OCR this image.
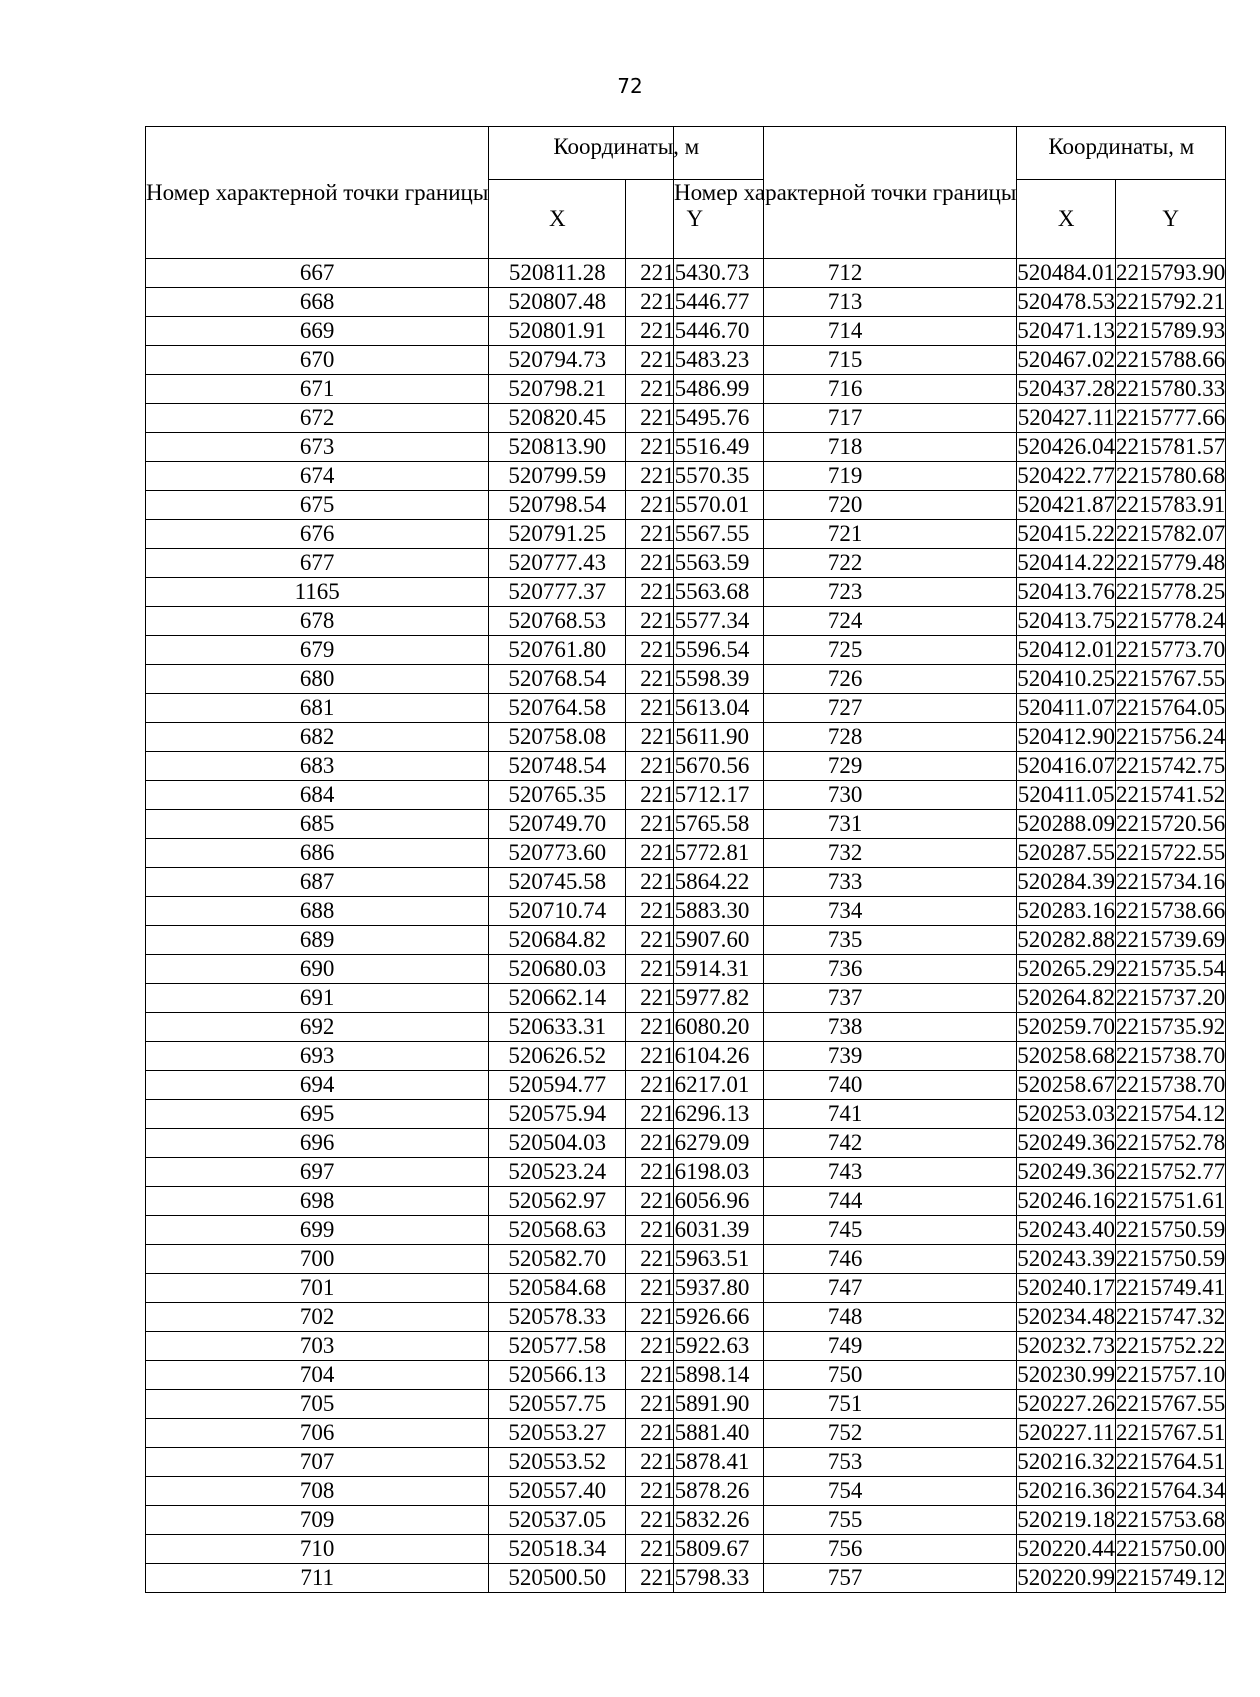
72
Номер характерной точки границы	Координаты, м	
	X	Y
667	520811.28	2215430.73
668	520807.48	2215446.77
669	520801.91	2215446.70
670	520794.73	2215483.23
671	520798.21	2215486.99
672	520820.45	2215495.76
673	520813.90	2215516.49
674	520799.59	2215570.35
675	520798.54	2215570.01
676	520791.25	2215567.55
677	520777.43	2215563.59
1165	520777.37	2215563.68
678	520768.53	2215577.34
679	520761.80	2215596.54
680	520768.54	2215598.39
681	520764.58	2215613.04
682	520758.08	2215611.90
683	520748.54	2215670.56
684	520765.35	2215712.17
685	520749.70	2215765.58
686	520773.60	2215772.81
687	520745.58	2215864.22
688	520710.74	2215883.30
689	520684.82	2215907.60
690	520680.03	2215914.31
691	520662.14	2215977.82
692	520633.31	2216080.20
693	520626.52	2216104.26
694	520594.77	2216217.01
695	520575.94	2216296.13
696	520504.03	2216279.09
697	520523.24	2216198.03
698	520562.97	2216056.96
699	520568.63	2216031.39
700	520582.70	2215963.51
701	520584.68	2215937.80
702	520578.33	2215926.66
703	520577.58	2215922.63
704	520566.13	2215898.14
705	520557.75	2215891.90
706	520553.27	2215881.40
707	520553.52	2215878.41
708	520557.40	2215878.26
709	520537.05	2215832.26
710	520518.34	2215809.67
711	520500.50	2215798.33
Номер характерной точки границы	Координаты, м	
	X	Y
712	520484.01	2215793.90
713	520478.53	2215792.21
714	520471.13	2215789.93
715	520467.02	2215788.66
716	520437.28	2215780.33
717	520427.11	2215777.66
718	520426.04	2215781.57
719	520422.77	2215780.68
720	520421.87	2215783.91
721	520415.22	2215782.07
722	520414.22	2215779.48
723	520413.76	2215778.25
724	520413.75	2215778.24
725	520412.01	2215773.70
726	520410.25	2215767.55
727	520411.07	2215764.05
728	520412.90	2215756.24
729	520416.07	2215742.75
730	520411.05	2215741.52
731	520288.09	2215720.56
732	520287.55	2215722.55
733	520284.39	2215734.16
734	520283.16	2215738.66
735	520282.88	2215739.69
736	520265.29	2215735.54
737	520264.82	2215737.20
738	520259.70	2215735.92
739	520258.68	2215738.70
740	520258.67	2215738.70
741	520253.03	2215754.12
742	520249.36	2215752.78
743	520249.36	2215752.77
744	520246.16	2215751.61
745	520243.40	2215750.59
746	520243.39	2215750.59
747	520240.17	2215749.41
748	520234.48	2215747.32
749	520232.73	2215752.22
750	520230.99	2215757.10
751	520227.26	2215767.55
752	520227.11	2215767.51
753	520216.32	2215764.51
754	520216.36	2215764.34
755	520219.18	2215753.68
756	520220.44	2215750.00
757	520220.99	2215749.12
